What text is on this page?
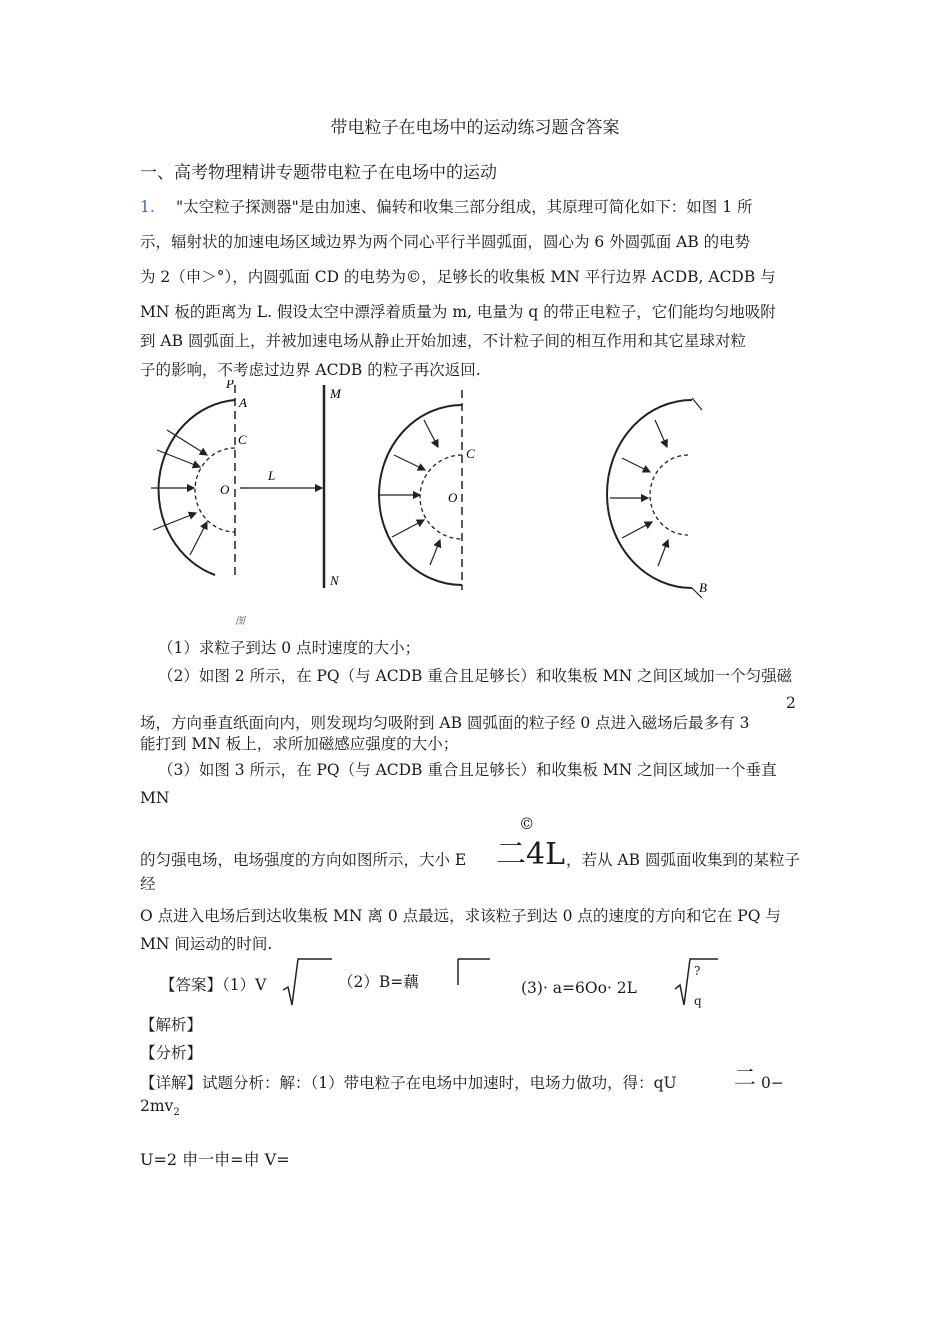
带电粒子在电场中的运动练习题含答案
一、高考物理精讲专题带电粒子在电场中的运动
1. "太空粒子探测器"是由加速、偏转和收集三部分组成，其原理可简化如下：如图 1 所
示，辐射状的加速电场区域边界为两个同心平行半圆弧面，圆心为 6 外圆弧面 AB 的电势
为 2（申＞°），内圆弧面 CD 的电势为©，足够长的收集板 MN 平行边界 ACDB, ACDB 与
MN 板的距离为 L. 假设太空中漂浮着质量为 m, 电量为 q 的带正电粒子，它们能均匀地吸附
到 AB 圆弧面上，并被加速电场从静止开始加速，不计粒子间的相互作用和其它星球对粒
子的影响，不考虑过边界 ACDB 的粒子再次返回.
P
A
C
O
L
M
N
O
C
B
图
（1）求粒子到达 0 点时速度的大小；
（2）如图 2 所示，在 PQ（与 ACDB 重合且足够长）和收集板 MN 之间区域加一个匀强磁
2
场，方向垂直纸面向内，则发现均匀吸附到 AB 圆弧面的粒子经 0 点进入磁场后最多有 3
能打到 MN 板上，求所加磁感应强度的大小；
（3）如图 3 所示，在 PQ（与 ACDB 重合且足够长）和收集板 MN 之间区域加一个垂直
MN
©
的匀强电场，电场强度的方向如图所示，大小 E 二4L ，若从 AB 圆弧面收集到的某粒子
经
O 点进入电场后到达收集板 MN 离 0 点最远，求该粒子到达 0 点的速度的方向和它在 PQ 与
MN 间运动的时间.
【答案】（1）V	（2）B=藕	(3)· a=6Oo· 2L
?
q
【解析】
【分析】
【详解】试题分析：解：（1）带电粒子在电场中加速时，电场力做功，得：qU	二 0−
$2mv_2$
U=2 申一申=申 V=
